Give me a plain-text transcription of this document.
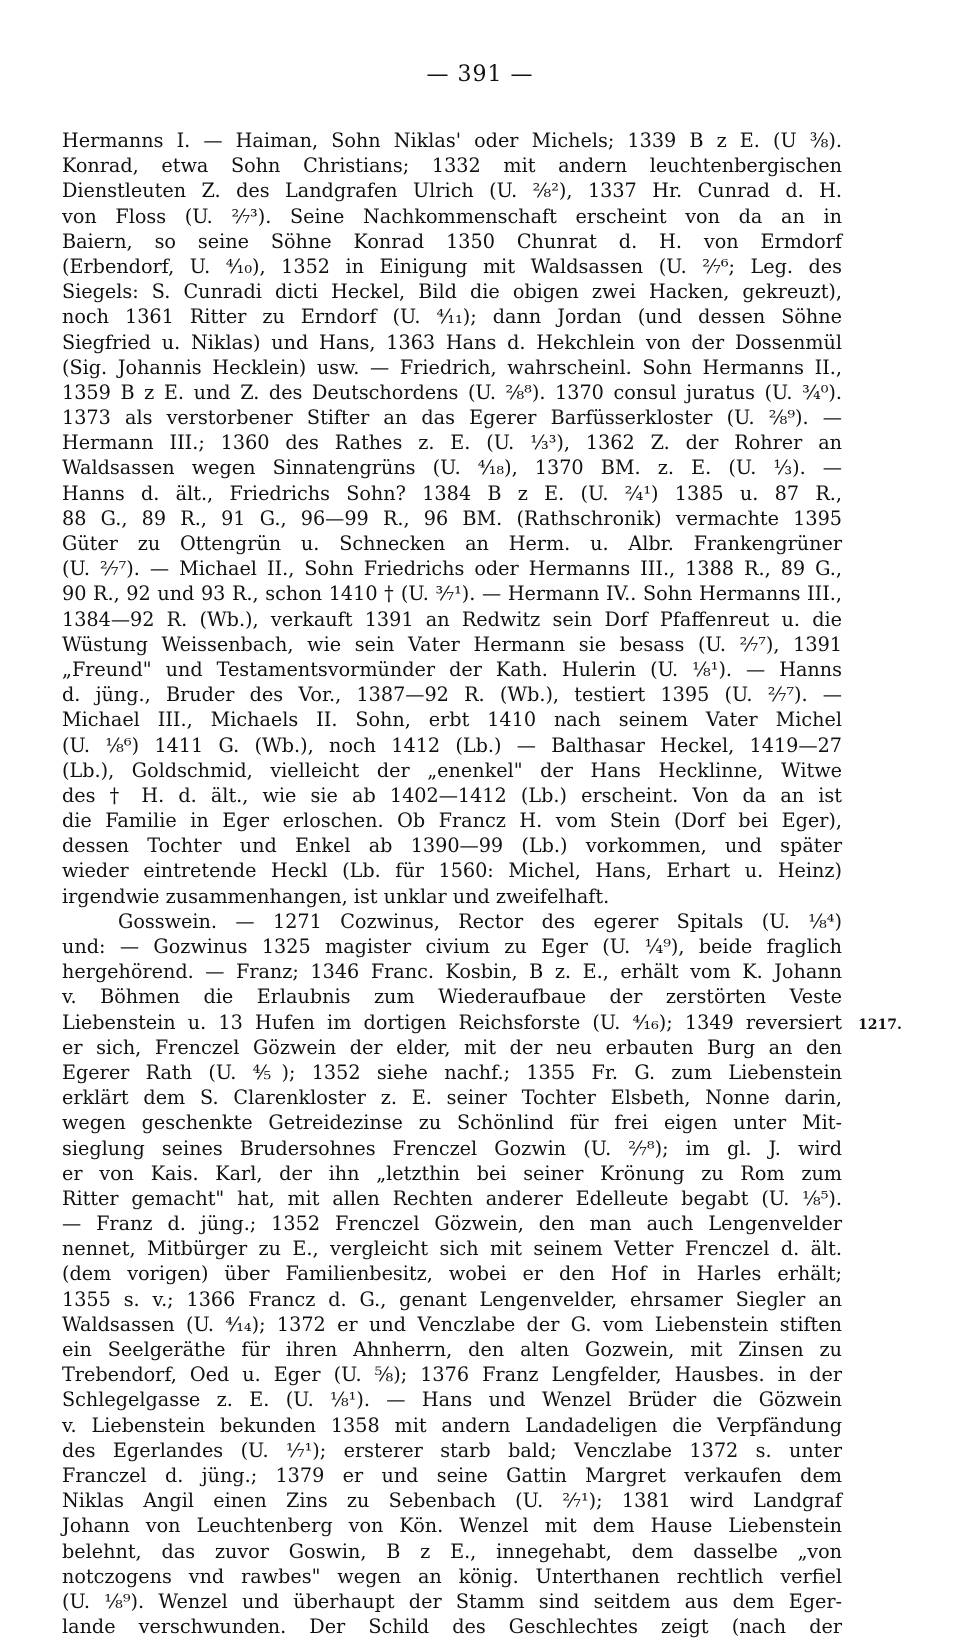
— 391 —
Hermanns I. — Haiman, Sohn Niklas' oder Michels; 1339 B z E. (U ⅜).
Konrad, etwa Sohn Christians; 1332 mit andern leuchtenbergischen
Dienstleuten Z. des Landgrafen Ulrich (U. ²⁄₈²), 1337 Hr. Cunrad d. H.
von Floss (U. ²⁄₇³). Seine Nachkommenschaft erscheint von da an in
Baiern, so seine Söhne Konrad 1350 Chunrat d. H. von Ermdorf
(Erbendorf, U. ⁴⁄₁₀), 1352 in Einigung mit Waldsassen (U. ²⁄₇⁶; Leg. des
Siegels: S. Cunradi dicti Heckel, Bild die obigen zwei Hacken, gekreuzt),
noch 1361 Ritter zu Erndorf (U. ⁴⁄₁₁); dann Jordan (und dessen Söhne
Siegfried u. Niklas) und Hans, 1363 Hans d. Hekchlein von der Dossenmül
(Sig. Johannis Hecklein) usw. — Friedrich, wahrscheinl. Sohn Hermanns II.,
1359 B z E. und Z. des Deutschordens (U. ²⁄₈⁸). 1370 consul juratus (U. ³⁄₄⁰).
1373 als verstorbener Stifter an das Egerer Barfüsserkloster (U. ²⁄₈⁹). —
Hermann III.; 1360 des Rathes z. E. (U. ¹⁄₃³), 1362 Z. der Rohrer an
Waldsassen wegen Sinnatengrüns (U. ⁴⁄₁₈), 1370 BM. z. E. (U. ⅓). —
Hanns d. ält., Friedrichs Sohn? 1384 B z E. (U. ²⁄₄¹) 1385 u. 87 R.,
88 G., 89 R., 91 G., 96—99 R., 96 BM. (Rathschronik) vermachte 1395
Güter zu Ottengrün u. Schnecken an Herm. u. Albr. Frankengrüner
(U. ²⁄₇⁷). — Michael II., Sohn Friedrichs oder Hermanns III., 1388 R., 89 G.,
90 R., 92 und 93 R., schon 1410 † (U. ³⁄₇¹). — Hermann IV.. Sohn Hermanns III.,
1384—92 R. (Wb.), verkauft 1391 an Redwitz sein Dorf Pfaffenreut u. die
Wüstung Weissenbach, wie sein Vater Hermann sie besass (U. ²⁄₇⁷), 1391
„Freund" und Testamentsvormünder der Kath. Hulerin (U. ¹⁄₈¹). — Hanns
d. jüng., Bruder des Vor., 1387—92 R. (Wb.), testiert 1395 (U. ²⁄₇⁷). —
Michael III., Michaels II. Sohn, erbt 1410 nach seinem Vater Michel
(U. ¹⁄₈⁶) 1411 G. (Wb.), noch 1412 (Lb.) — Balthasar Heckel, 1419—27
(Lb.), Goldschmid, vielleicht der „enenkel" der Hans Hecklinne, Witwe
des † H. d. ält., wie sie ab 1402—1412 (Lb.) erscheint. Von da an ist
die Familie in Eger erloschen. Ob Francz H. vom Stein (Dorf bei Eger),
dessen Tochter und Enkel ab 1390—99 (Lb.) vorkommen, und später
wieder eintretende Heckl (Lb. für 1560: Michel, Hans, Erhart u. Heinz)
irgendwie zusammenhangen, ist unklar und zweifelhaft.
Gosswein. — 1271 Cozwinus, Rector des egerer Spitals (U. ¹⁄₈⁴)
und: — Gozwinus 1325 magister civium zu Eger (U. ¹⁄₄⁹), beide fraglich
hergehörend. — Franz; 1346 Franc. Kosbin, B z. E., erhält vom K. Johann
v. Böhmen die Erlaubnis zum Wiederaufbaue der zerstörten Veste
Liebenstein u. 13 Hufen im dortigen Reichsforste (U. ⁴⁄₁₆); 1349 reversiert
er sich, Frenczel Gözwein der elder, mit der neu erbauten Burg an den
Egerer Rath (U. ⅘); 1352 siehe nachf.; 1355 Fr. G. zum Liebenstein
erklärt dem S. Clarenkloster z. E. seiner Tochter Elsbeth, Nonne darin,
wegen geschenkte Getreidezinse zu Schönlind für frei eigen unter Mit-
sieglung seines Brudersohnes Frenczel Gozwin (U. ²⁄₇⁸); im gl. J. wird
er von Kais. Karl, der ihn „letzthin bei seiner Krönung zu Rom zum
Ritter gemacht" hat, mit allen Rechten anderer Edelleute begabt (U. ¹⁄₈⁵).
— Franz d. jüng.; 1352 Frenczel Gözwein, den man auch Lengenvelder
nennet, Mitbürger zu E., vergleicht sich mit seinem Vetter Frenczel d. ält.
(dem vorigen) über Familienbesitz, wobei er den Hof in Harles erhält;
1355 s. v.; 1366 Francz d. G., genant Lengenvelder, ehrsamer Siegler an
Waldsassen (U. ⁴⁄₁₄); 1372 er und Venczlabe der G. vom Liebenstein stiften
ein Seelgeräthe für ihren Ahnherrn, den alten Gozwein, mit Zinsen zu
Trebendorf, Oed u. Eger (U. ⅝); 1376 Franz Lengfelder, Hausbes. in der
Schlegelgasse z. E. (U. ¹⁄₈¹). — Hans und Wenzel Brüder die Gözwein
v. Liebenstein bekunden 1358 mit andern Landadeligen die Verpfändung
des Egerlandes (U. ¹⁄₇¹); ersterer starb bald; Venczlabe 1372 s. unter
Franczel d. jüng.; 1379 er und seine Gattin Margret verkaufen dem
Niklas Angil einen Zins zu Sebenbach (U. ²⁄₇¹); 1381 wird Landgraf
Johann von Leuchtenberg von Kön. Wenzel mit dem Hause Liebenstein
belehnt, das zuvor Goswin, B z E., innegehabt, dem dasselbe „von
notczogens vnd rawbes" wegen an könig. Unterthanen rechtlich verfiel
(U. ¹⁄₈⁹). Wenzel und überhaupt der Stamm sind seitdem aus dem Eger-
lande verschwunden. Der Schild des Geschlechtes zeigt (nach der
1217.
